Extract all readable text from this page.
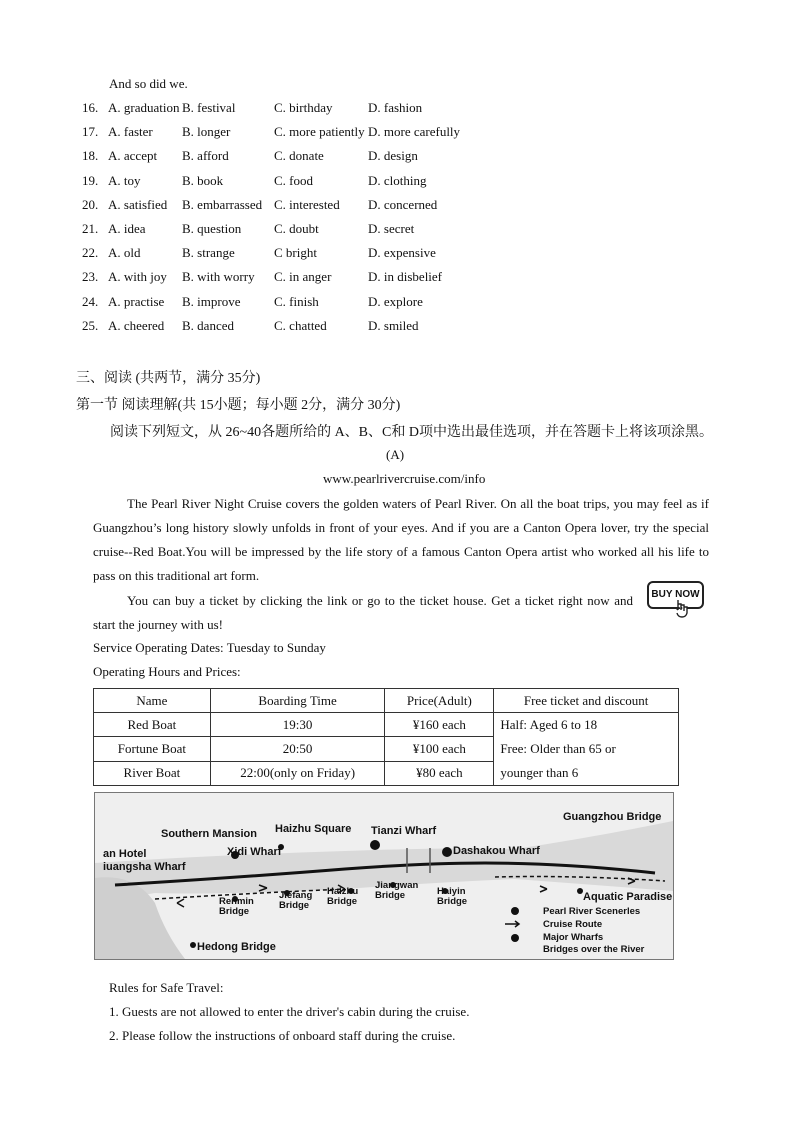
And so did we.
16. A. graduation B. festival	C. birthday	D. fashion
17. A. faster B. longer	C. more patiently D. more carefully
18. A. accept B. afford	C. donate	D. design
19. A. toy	B. book	C. food	D. clothing
20. A. satisfied B. embarrassed C. interested D. concerned
21. A. idea	B. question	C. doubt	D. secret
22. A. old	B. strange	C bright	D. expensive
23. A. with joy B. with worry C. in anger	D. in disbelief
24. A. practise B. improve	C. finish	D. explore
25. A. cheered B. danced	C. chatted	D. smiled
三、阅读 (共两节，满分 35分)
第一节 阅读理解(共 15小题；每小题 2分，满分 30分)
阅读下列短文，从 26~40各题所给的 A、B、C和 D项中选出最佳选项，并在答题卡上将该项涂黑。
(A)
www.pearlrivercruise.com/info
The Pearl River Night Cruise covers the golden waters of Pearl River. On all the boat trips, you may feel as if Guangzhou’s long history slowly unfolds in front of your eyes. And if you are a Canton Opera lover, try the special cruise--Red Boat.You will be impressed by the life story of a famous Canton Opera artist who worked all his life to pass on this traditional art form.
You can buy a ticket by clicking the link or go to the ticket house. Get a ticket right now and start the journey with us!
BUY NOW
Service Operating Dates: Tuesday to Sunday
Operating Hours and Prices:
Name	Boarding Time	Price(Adult)	Free ticket and discount
Red Boat	19:30	¥160 each	Half: Aged 6 to 18
Free: Older than 65 or
younger than 6

Fortune Boat	20:50	¥100 each	
River Boat	22:00(only on Friday)	¥80 each	
Guangzhou Bridge
Southern Mansion Haizhu Square Tianzi Wharf
Xidi Wharf	Dashakou Wharf
an Hotel
iuangsha Wharf
Renmin
Bridge
Jiefang
Bridge
Haizhu
Bridge
Jiangwan
Bridge	Haiyin
Bridge	Aquatic Paradise
Hedong Bridge
Pearl River Scenerles
Cruise Route
Major Wharfs
Bridges over the River
Rules for Safe Travel:
1. Guests are not allowed to enter the driver's cabin during the cruise.
2. Please follow the instructions of onboard staff during the cruise.
